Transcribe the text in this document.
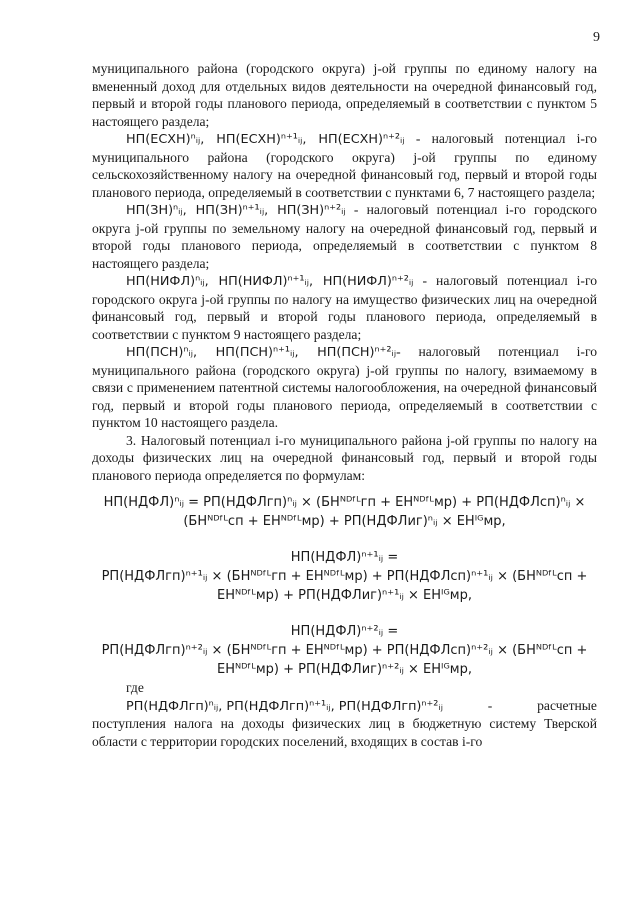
9

муниципального района (городского округа) j-ой группы по единому налогу на вмененный доход для отдельных видов деятельности на очередной финансовый год, первый и второй годы планового периода, определяемый в соответствии с пунктом 5 настоящего раздела;

НП(ЕСХН)ⁿᵢⱼ, НП(ЕСХН)ⁿ⁺¹ᵢⱼ, НП(ЕСХН)ⁿ⁺²ᵢⱼ - налоговый потенциал i-го муниципального района (городского округа) j-ой группы по единому сельскохозяйственному налогу на очередной финансовый год, первый и второй годы планового периода, определяемый в соответствии с пунктами 6, 7 настоящего раздела;

НП(ЗН)ⁿᵢⱼ, НП(ЗН)ⁿ⁺¹ᵢⱼ, НП(ЗН)ⁿ⁺²ᵢⱼ - налоговый потенциал i-го городского округа j-ой группы по земельному налогу на очередной финансовый год, первый и второй годы планового периода, определяемый в соответствии с пунктом 8 настоящего раздела;

НП(НИФЛ)ⁿᵢⱼ, НП(НИФЛ)ⁿ⁺¹ᵢⱼ, НП(НИФЛ)ⁿ⁺²ᵢⱼ - налоговый потенциал i-го городского округа j-ой группы по налогу на имущество физических лиц на очередной финансовый год, первый и второй годы планового периода, определяемый в соответствии с пунктом 9 настоящего раздела;

НП(ПСН)ⁿᵢⱼ, НП(ПСН)ⁿ⁺¹ᵢⱼ, НП(ПСН)ⁿ⁺²ᵢⱼ- налоговый потенциал i-го муниципального района (городского округа) j-ой группы по налогу, взимаемому в связи с применением патентной системы налогообложения, на очередной финансовый год, первый и второй годы планового периода, определяемый в соответствии с пунктом 10 настоящего раздела.

3. Налоговый потенциал i-го муниципального района j-ой группы по налогу на доходы физических лиц на очередной финансовый год, первый и второй годы планового периода определяется по формулам:

НП(НДФЛ)ⁿᵢⱼ = РП(НДФЛгп)ⁿᵢⱼ × (БНᴺᴰᶠᴸгп + ЕНᴺᴰᶠᴸмр) + РП(НДФЛсп)ⁿᵢⱼ ×

(БНᴺᴰᶠᴸсп + ЕНᴺᴰᶠᴸмр) + РП(НДФЛиг)ⁿᵢⱼ × ЕНᴵᴳмр,

НП(НДФЛ)ⁿ⁺¹ᵢⱼ =

РП(НДФЛгп)ⁿ⁺¹ᵢⱼ × (БНᴺᴰᶠᴸгп + ЕНᴺᴰᶠᴸмр) + РП(НДФЛсп)ⁿ⁺¹ᵢⱼ × (БНᴺᴰᶠᴸсп +

ЕНᴺᴰᶠᴸмр) + РП(НДФЛиг)ⁿ⁺¹ᵢⱼ × ЕНᴵᴳмр,

НП(НДФЛ)ⁿ⁺²ᵢⱼ =

РП(НДФЛгп)ⁿ⁺²ᵢⱼ × (БНᴺᴰᶠᴸгп + ЕНᴺᴰᶠᴸмр) + РП(НДФЛсп)ⁿ⁺²ᵢⱼ × (БНᴺᴰᶠᴸсп +

ЕНᴺᴰᶠᴸмр) + РП(НДФЛиг)ⁿ⁺²ᵢⱼ × ЕНᴵᴳмр,

где

РП(НДФЛгп)ⁿᵢⱼ, РП(НДФЛгп)ⁿ⁺¹ᵢⱼ, РП(НДФЛгп)ⁿ⁺²ᵢⱼ	-	расчетные

поступления налога на доходы физических лиц в бюджетную систему Тверской области с территории городских поселений, входящих в состав i-го
